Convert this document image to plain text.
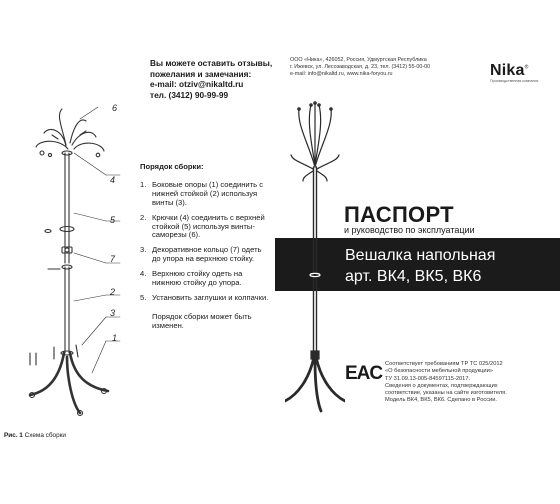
Вы можете оставить отзывы,
пожелания и замечания:
e-mail: otziv@nikaltd.ru
тел. (3412) 90-99-99
ООО «Ника», 426052, Россия, Удмуртская Республика
г. Ижевск, ул. Лесозаводская, д. 23, тел. (3412) 55-00-00
e-mail: info@nikaltd.ru, www.nika-foryou.ru	Nika®
Производственная компания
6
4
5
7
2
3
1
Рис. 1 Схема сборки
Порядок сборки:
1. Боковые опоры (1) соединить с нижней стойкой (2) используя винты (3).
2. Крючки (4) соединить с верхней стойкой (5) используя винты-саморезы (6).
3. Декоративное кольцо (7) одеть до упора на верхнюю стойку.
4. Верхнюю стойку одеть на нижнюю стойку до упора.
5. Установить заглушки и колпачки.
Порядок сборки может быть изменен.
ПАСПОРТ
и руководство по эксплуатации
Вешалка напольная
арт. ВК4, ВК5, ВК6
EAC Соответствует требованиям ТР ТС 025/2012
«О безопасности мебельной продукции»
ТУ 31.09.13-005-84597115-2017.
Сведения о документах, подтверждающих
соответствие, указаны на сайте изготовителя.
Модель ВК4, ВК5, ВК6. Сделано в России.
